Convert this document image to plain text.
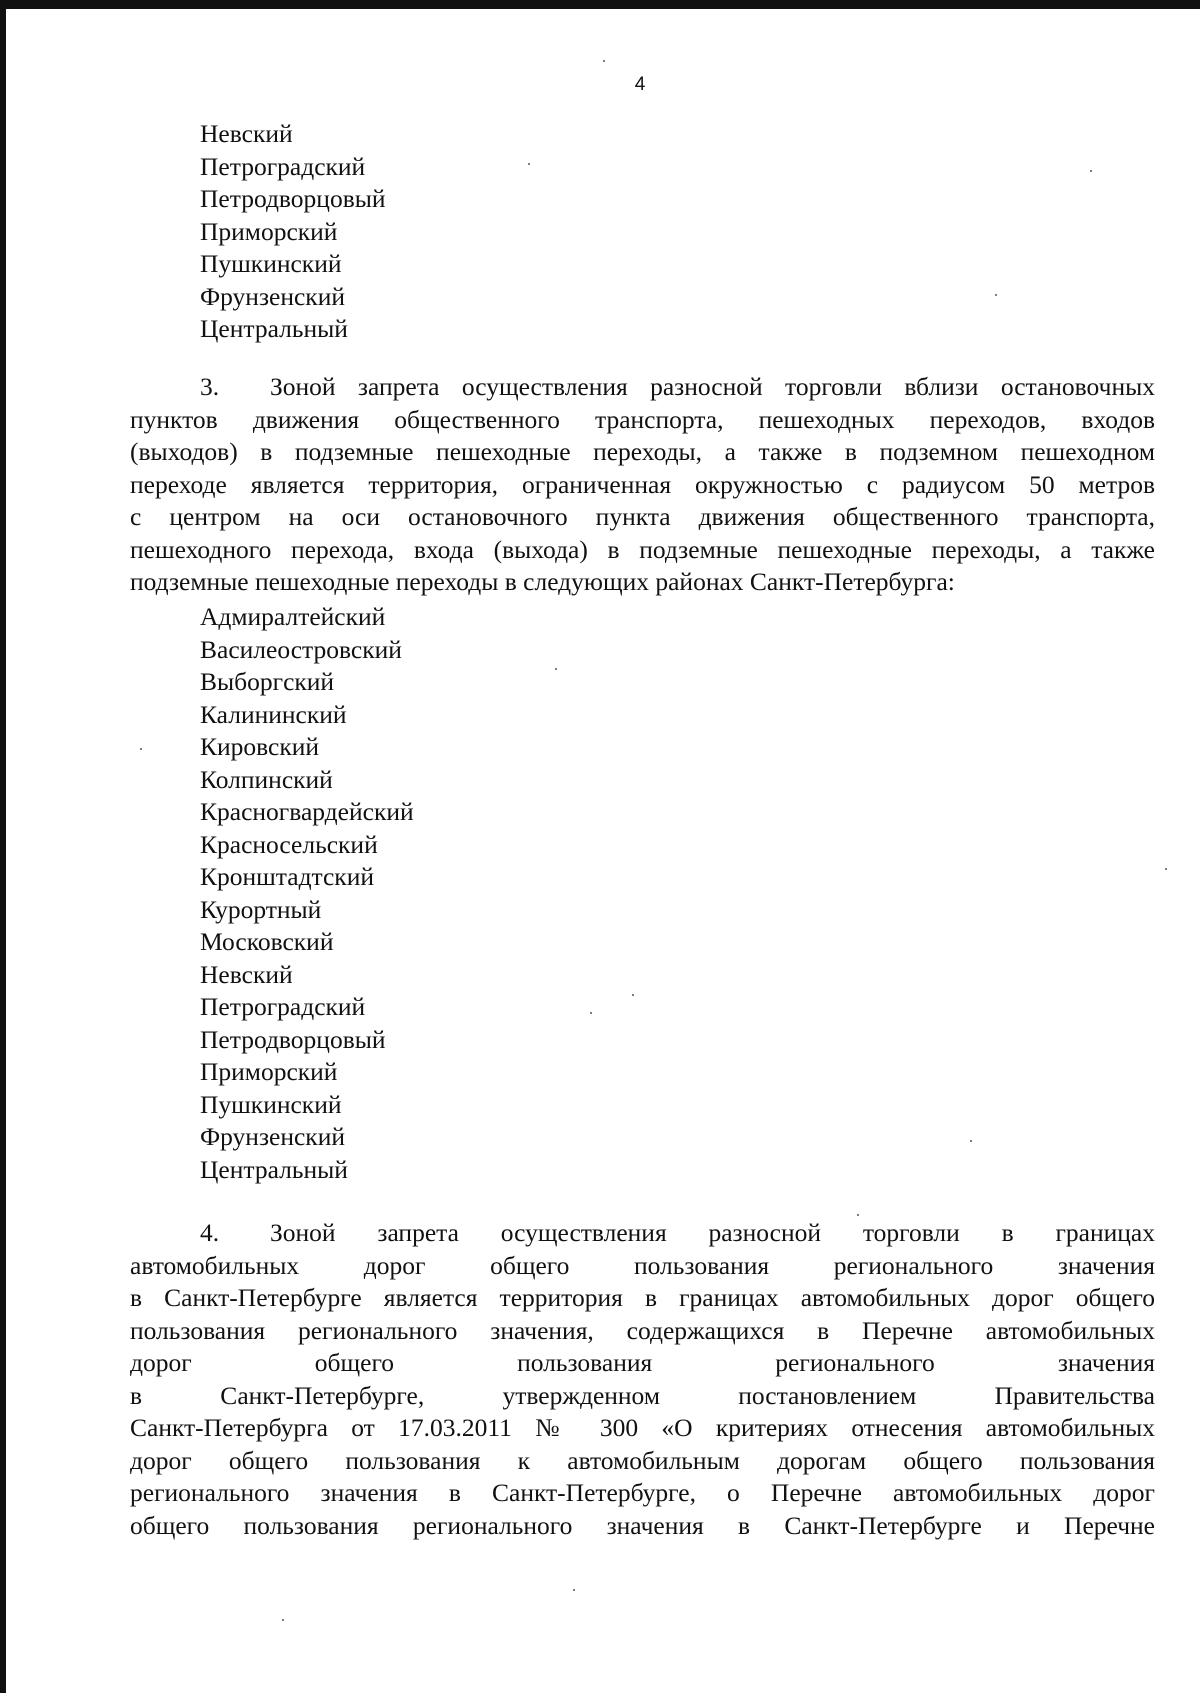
4
Невский
Петроградский
Петродворцовый
Приморский
Пушкинский
Фрунзенский
Центральный
3. Зоной запрета осуществления разносной торговли вблизи остановочных
пунктов движения общественного транспорта, пешеходных переходов, входов
(выходов) в подземные пешеходные переходы, а также в подземном пешеходном
переходе является территория, ограниченная окружностью с радиусом 50 метров
с центром на оси остановочного пункта движения общественного транспорта,
пешеходного перехода, входа (выхода) в подземные пешеходные переходы, а также
подземные пешеходные переходы в следующих районах Санкт-Петербурга:
Адмиралтейский
Василеостровский
Выборгский
Калининский
Кировский
Колпинский
Красногвардейский
Красносельский
Кронштадтский
Курортный
Московский
Невский
Петроградский
Петродворцовый
Приморский
Пушкинский
Фрунзенский
Центральный
4. Зоной запрета осуществления разносной торговли в границах
автомобильных дорог общего пользования регионального значения
в Санкт-Петербурге является территория в границах автомобильных дорог общего
пользования регионального значения, содержащихся в Перечне автомобильных
дорог общего пользования регионального значения
в Санкт-Петербурге, утвержденном постановлением Правительства
Санкт-Петербурга от 17.03.2011 № 300 «О критериях отнесения автомобильных
дорог общего пользования к автомобильным дорогам общего пользования
регионального значения в Санкт-Петербурге, о Перечне автомобильных дорог
общего пользования регионального значения в Санкт-Петербурге и Перечне
